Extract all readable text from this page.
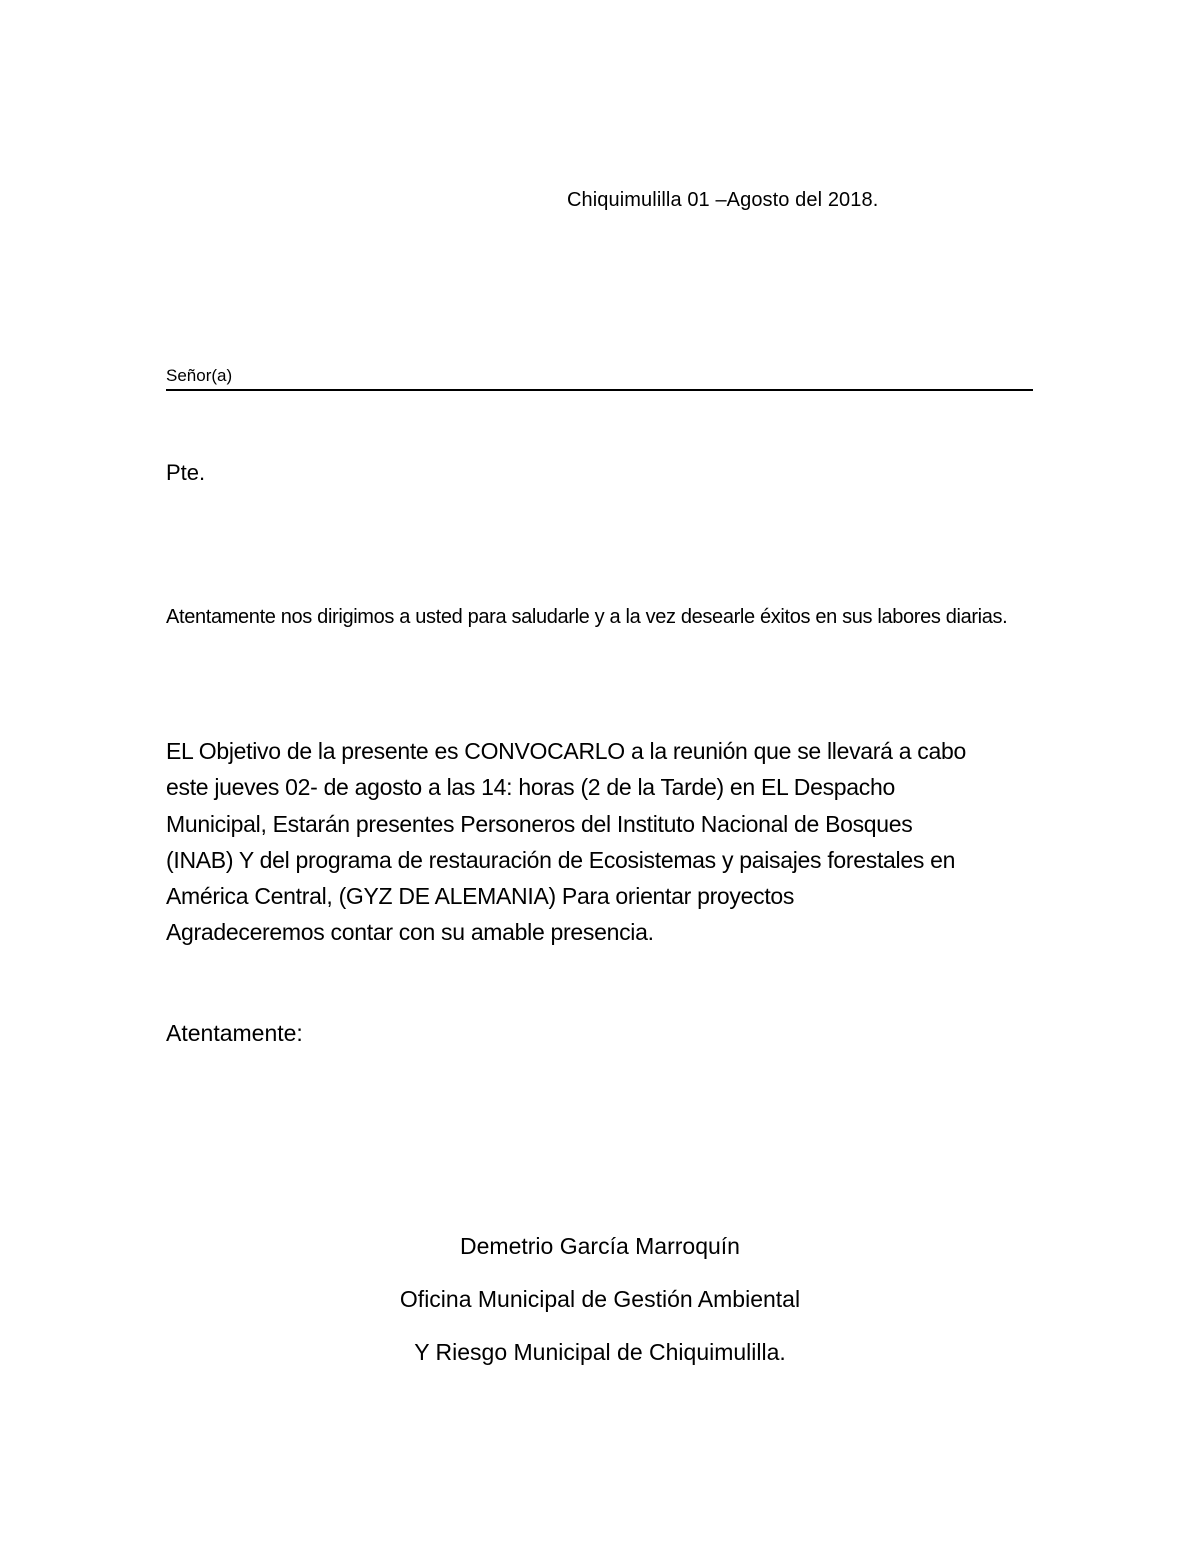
Chiquimulilla 01 –Agosto del 2018.
Señor(a)
Pte.
Atentamente nos dirigimos a usted para saludarle y a la vez desearle éxitos en sus labores diarias.
EL Objetivo de la presente es CONVOCARLO a la reunión que se llevará a cabo
este jueves 02- de agosto a las 14: horas (2 de la Tarde) en EL Despacho
Municipal, Estarán presentes Personeros del Instituto Nacional de Bosques
(INAB) Y del programa de restauración de Ecosistemas y paisajes forestales en
América Central, (GYZ DE ALEMANIA) Para orientar proyectos
Agradeceremos contar con su amable presencia.
Atentamente:
Demetrio García Marroquín
Oficina Municipal de Gestión Ambiental
Y Riesgo Municipal de Chiquimulilla.
